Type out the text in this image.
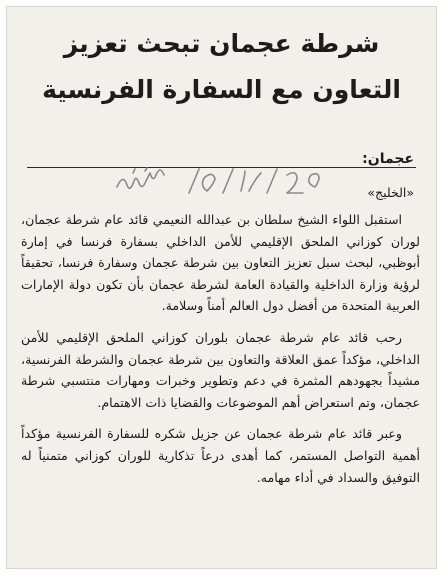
شرطة عجمان تبحث تعزيز
التعاون مع السفارة الفرنسية
عجمان:
«الخليج»

استقبل اللواء الشيخ سلطان بن عبدالله النعيمي قائد عام شرطة عجمان، لوران كوزاني الملحق الإقليمي للأمن الداخلي بسفارة فرنسا في إمارة أبوظبي، لبحث سبل تعزيز التعاون بين شرطة عجمان وسفارة فرنسا، تحقيقاً لرؤية وزارة الداخلية والقيادة العامة لشرطة عجمان بأن تكون دولة الإمارات العربية المتحدة من أفضل دول العالم أمناً وسلامة.

رحب قائد عام شرطة عجمان بلوران كوزاني الملحق الإقليمي للأمن الداخلي، مؤكداً عمق العلاقة والتعاون بين شرطة عجمان والشرطة الفرنسية، مشيداً بجهودهم المثمرة في دعم وتطوير وخبرات ومهارات منتسبي شرطة عجمان، وتم استعراض أهم الموضوعات والقضايا ذات الاهتمام.

وعبر قائد عام شرطة عجمان عن جزيل شكره للسفارة الفرنسية مؤكداً أهمية التواصل المستمر، كما أهدى درعاً تذكارية للوران كوزاني متمنياً له التوفيق والسداد في أداء مهامه.
